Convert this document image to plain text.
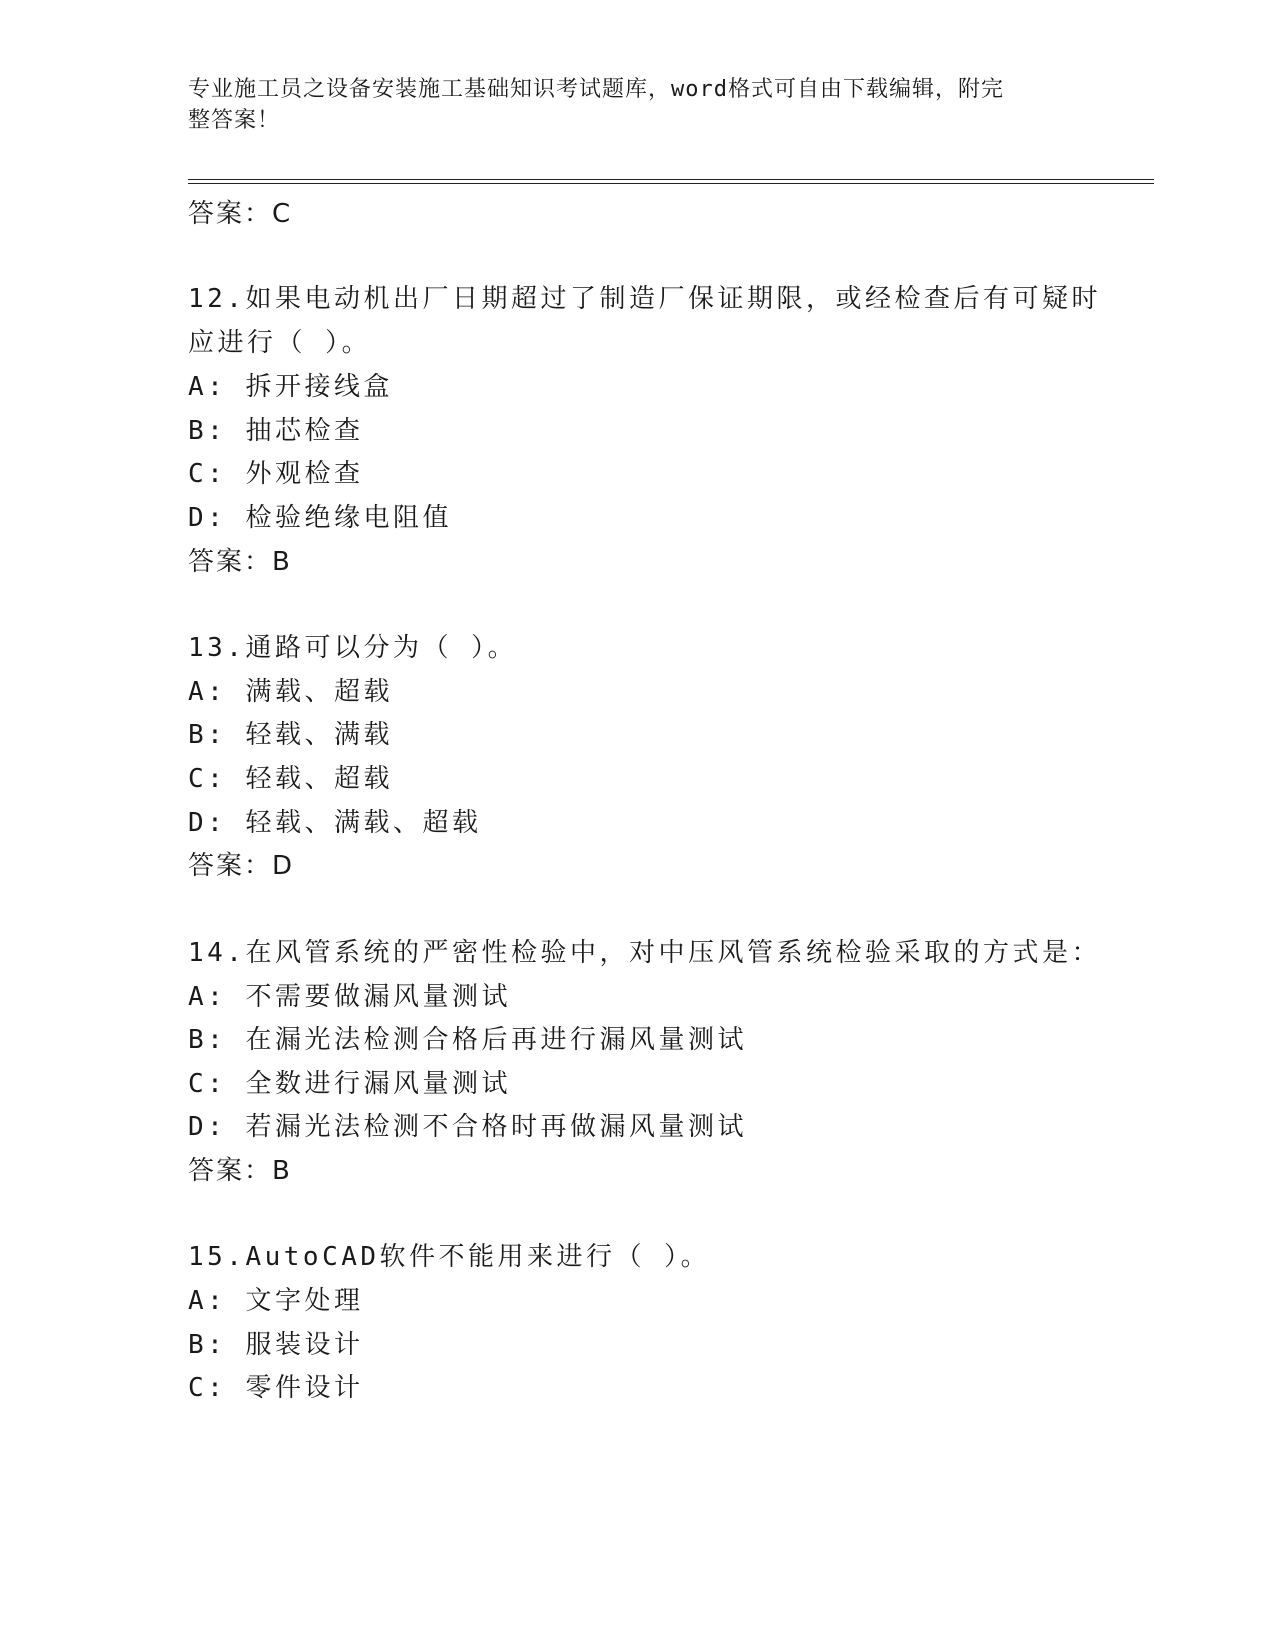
专业施工员之设备安装施工基础知识考试题库，word格式可自由下载编辑，附完
整答案！
答案：C
12.如果电动机出厂日期超过了制造厂保证期限，或经检查后有可疑时
应进行（ ）。
A: 拆开接线盒
B: 抽芯检查
C: 外观检查
D: 检验绝缘电阻值
答案：B
13.通路可以分为（ ）。
A: 满载、超载
B: 轻载、满载
C: 轻载、超载
D: 轻载、满载、超载
答案：D
14.在风管系统的严密性检验中，对中压风管系统检验采取的方式是：
A: 不需要做漏风量测试
B: 在漏光法检测合格后再进行漏风量测试
C: 全数进行漏风量测试
D: 若漏光法检测不合格时再做漏风量测试
答案：B
15.AutoCAD软件不能用来进行（ ）。
A: 文字处理
B: 服装设计
C: 零件设计
